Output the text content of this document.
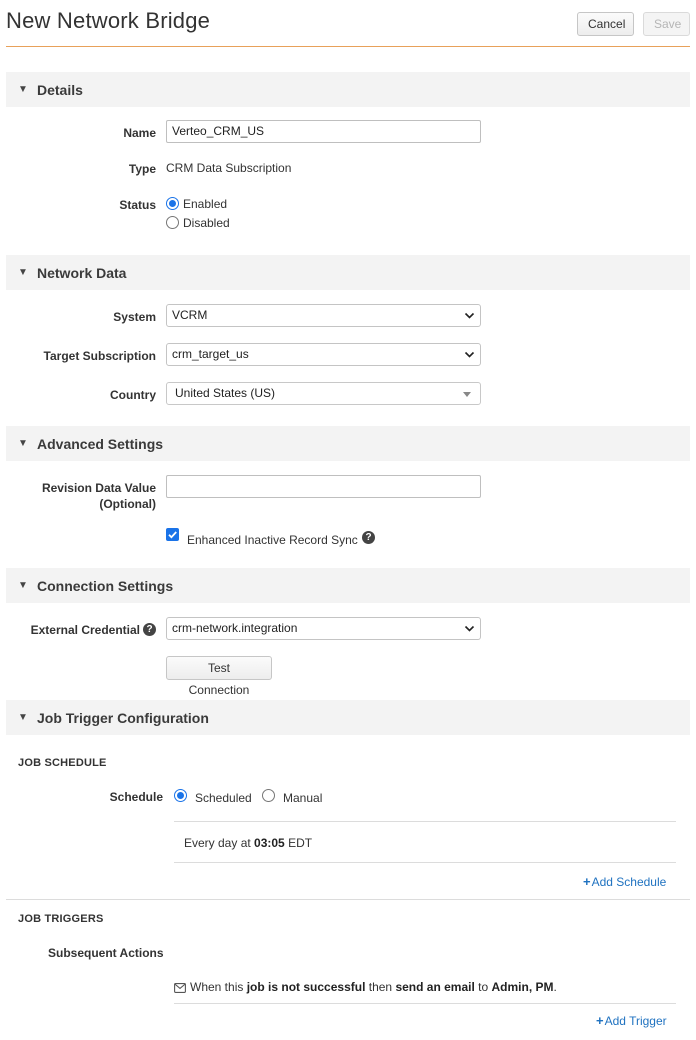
New Network Bridge	Cancel	Save
▼ Details
Name	Verteo_CRM_US
Type CRM Data Subscription
Status Enabled
Disabled
▼ Network Data
System	VCRM
Target Subscription	crm_target_us
Country	United States (US)
▼ Advanced Settings
Revision Data Value
(Optional)
Enhanced Inactive Record Sync ?
▼ Connection Settings
External Credential ?	crm-network.integration
Test Connection
▼ Job Trigger Configuration
JOB SCHEDULE
Schedule	Scheduled	Manual
Every day at 03:05 EDT
+Add Schedule
JOB TRIGGERS
Subsequent Actions
When this job is not successful then send an email to Admin, PM.
+Add Trigger
